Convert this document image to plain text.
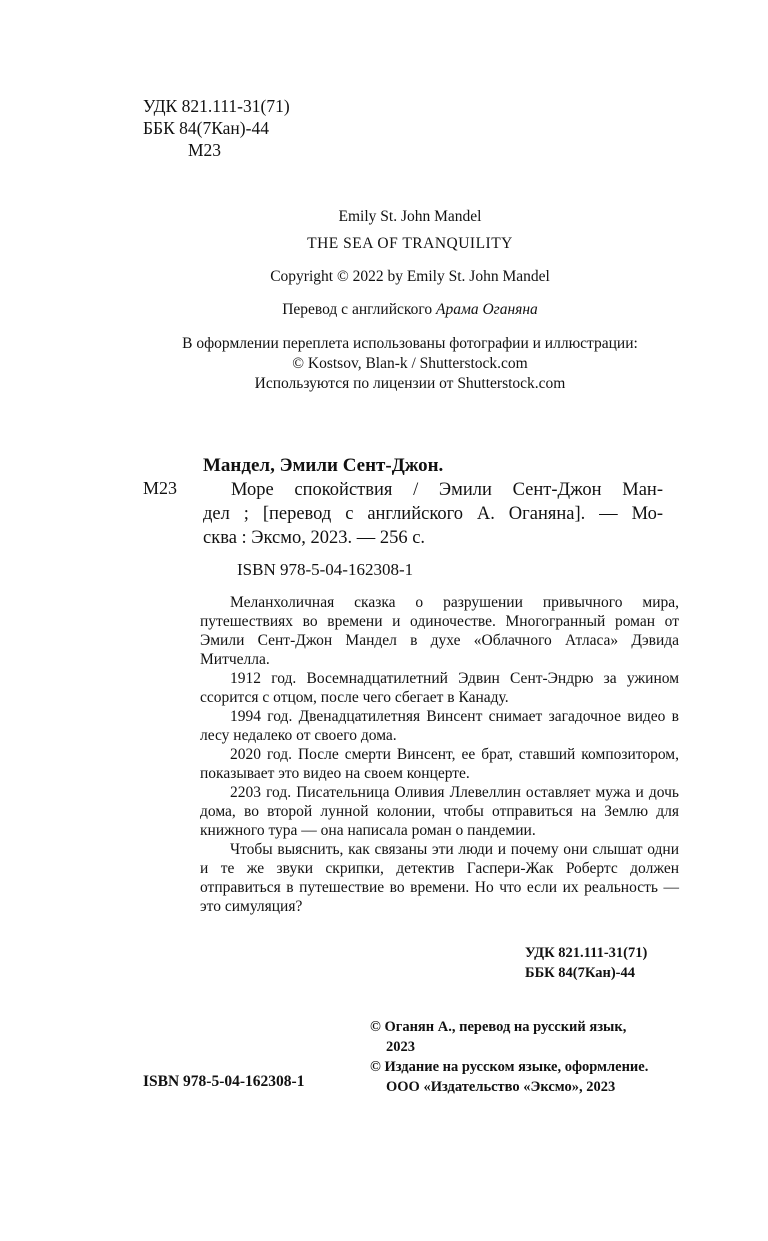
УДК 821.111-31(71)
ББК 84(7Кан)-44
М23
Emily St. John Mandel
THE SEA OF TRANQUILITY
Copyright © 2022 by Emily St. John Mandel
Перевод с английского Арама Оганяна
В оформлении переплета использованы фотографии и иллюстрации:
© Kostsov, Blan-k / Shutterstock.com
Используются по лицензии от Shutterstock.com
Мандел, Эмили Сент-Джон.
М23	Море спокойствия / Эмили Сент-Джон Ман-
дел ; [перевод с английского А. Оганяна]. — Мо-
сква : Эксмо, 2023. — 256 с.
ISBN 978-5-04-162308-1

Меланхоличная сказка о разрушении привычного мира, путешествиях во времени и одиночестве. Многогранный роман от Эмили Сент-Джон Мандел в духе «Облачного Атласа» Дэвида Митчелла.

1912 год. Восемнадцатилетний Эдвин Сент-Эндрю за ужином ссорится с отцом, после чего сбегает в Канаду.

1994 год. Двенадцатилетняя Винсент снимает загадочное видео в лесу недалеко от своего дома.

2020 год. После смерти Винсент, ее брат, ставший композитором, показывает это видео на своем концерте.

2203 год. Писательница Оливия Ллевеллин оставляет мужа и дочь дома, во второй лунной колонии, чтобы отправиться на Землю для книжного тура — она написала роман о пандемии.

Чтобы выяснить, как связаны эти люди и почему они слышат одни и те же звуки скрипки, детектив Гаспери-Жак Робертс должен отправиться в путешествие во времени. Но что если их реальность — это симуляция?

УДК 821.111-31(71)
ББК 84(7Кан)-44
© Оганян А., перевод на русский язык,
2023
© Издание на русском языке, оформление.
ООО «Издательство «Эксмо», 2023
ISBN 978-5-04-162308-1
